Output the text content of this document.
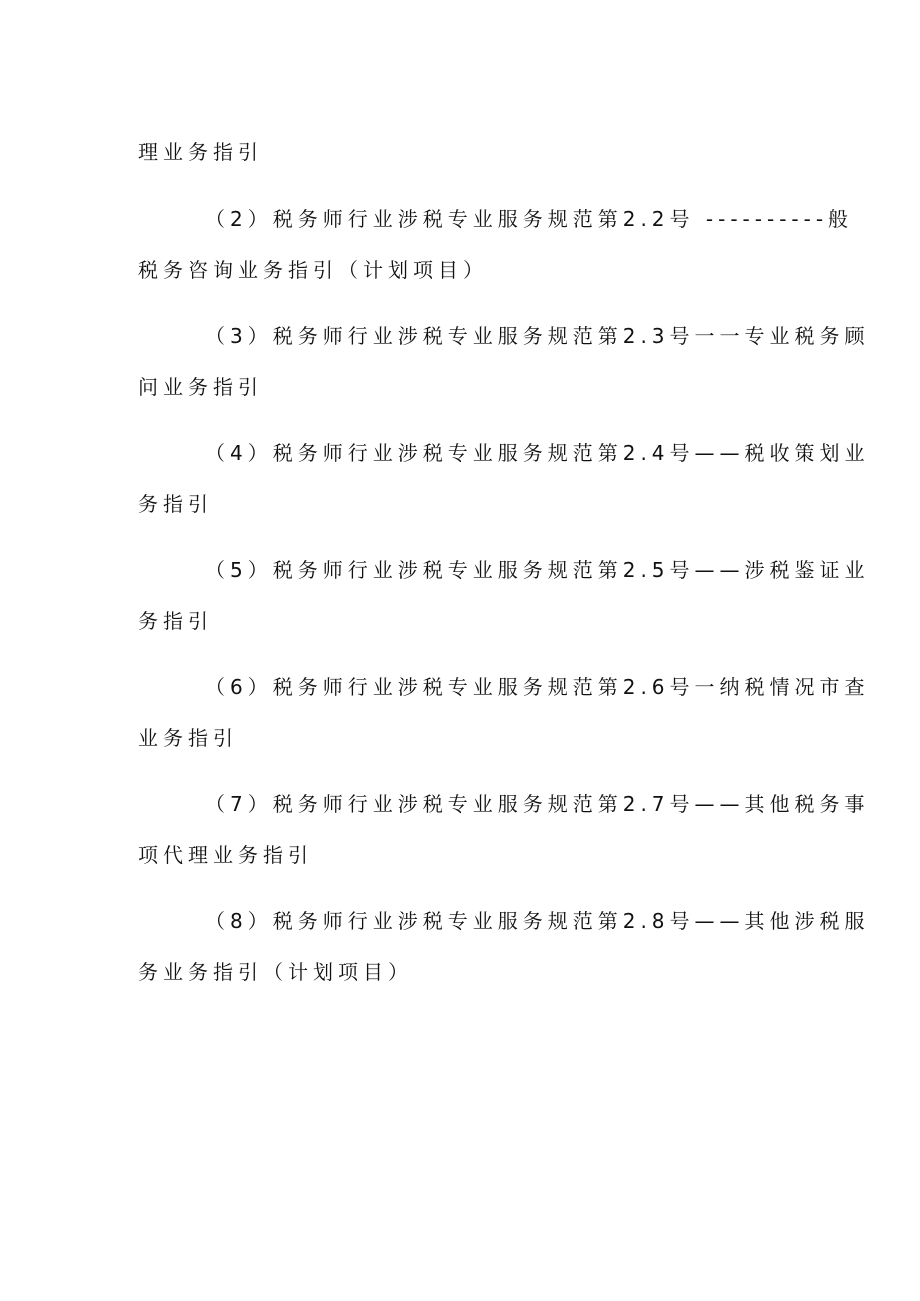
理业务指引
（2）税务师行业涉税专业服务规范第2.2号 ----------般
税务咨询业务指引（计划项目）
（3）税务师行业涉税专业服务规范第2.3号一一专业税务顾
问业务指引
（4）税务师行业涉税专业服务规范第2.4号——税收策划业
务指引
（5）税务师行业涉税专业服务规范第2.5号——涉税鉴证业
务指引
（6）税务师行业涉税专业服务规范第2.6号一纳税情况市查
业务指引
（7）税务师行业涉税专业服务规范第2.7号——其他税务事
项代理业务指引
（8）税务师行业涉税专业服务规范第2.8号——其他涉税服
务业务指引（计划项目）
